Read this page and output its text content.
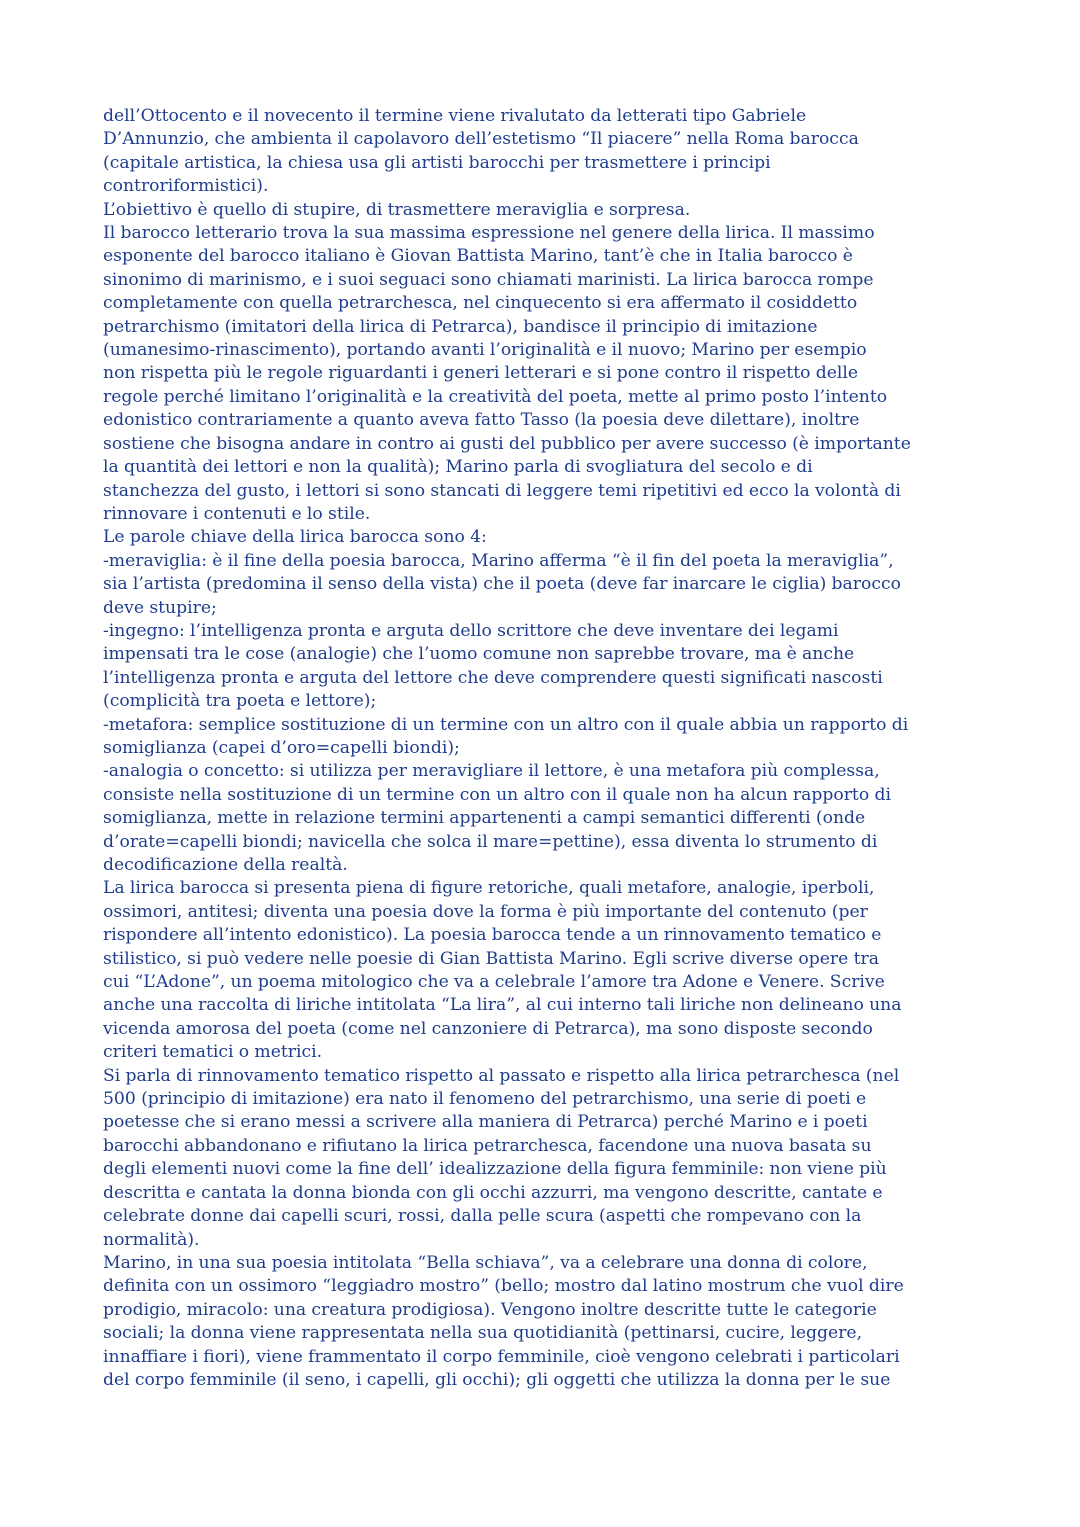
dell’Ottocento e il novecento il termine viene rivalutato da letterati tipo Gabriele

D’Annunzio, che ambienta il capolavoro dell’estetismo “Il piacere” nella Roma barocca

(capitale artistica, la chiesa usa gli artisti barocchi per trasmettere i principi

controriformistici).

L’obiettivo è quello di stupire, di trasmettere meraviglia e sorpresa.

Il barocco letterario trova la sua massima espressione nel genere della lirica. Il massimo

esponente del barocco italiano è Giovan Battista Marino, tant’è che in Italia barocco è

sinonimo di marinismo, e i suoi seguaci sono chiamati marinisti. La lirica barocca rompe

completamente con quella petrarchesca, nel cinquecento si era affermato il cosiddetto

petrarchismo (imitatori della lirica di Petrarca), bandisce il principio di imitazione

(umanesimo-rinascimento), portando avanti l’originalità e il nuovo; Marino per esempio

non rispetta più le regole riguardanti i generi letterari e si pone contro il rispetto delle

regole perché limitano l’originalità e la creatività del poeta, mette al primo posto l’intento

edonistico contrariamente a quanto aveva fatto Tasso (la poesia deve dilettare), inoltre

sostiene che bisogna andare in contro ai gusti del pubblico per avere successo (è importante

la quantità dei lettori e non la qualità); Marino parla di svogliatura del secolo e di

stanchezza del gusto, i lettori si sono stancati di leggere temi ripetitivi ed ecco la volontà di

rinnovare i contenuti e lo stile.

Le parole chiave della lirica barocca sono 4:

-meraviglia: è il fine della poesia barocca, Marino afferma “è il fin del poeta la meraviglia”,

sia l’artista (predomina il senso della vista) che il poeta (deve far inarcare le ciglia) barocco

deve stupire;

-ingegno: l’intelligenza pronta e arguta dello scrittore che deve inventare dei legami

impensati tra le cose (analogie) che l’uomo comune non saprebbe trovare, ma è anche

l’intelligenza pronta e arguta del lettore che deve comprendere questi significati nascosti

(complicità tra poeta e lettore);

-metafora: semplice sostituzione di un termine con un altro con il quale abbia un rapporto di

somiglianza (capei d’oro=capelli biondi);

-analogia o concetto: si utilizza per meravigliare il lettore, è una metafora più complessa,

consiste nella sostituzione di un termine con un altro con il quale non ha alcun rapporto di

somiglianza, mette in relazione termini appartenenti a campi semantici differenti (onde

d’orate=capelli biondi; navicella che solca il mare=pettine), essa diventa lo strumento di

decodificazione della realtà.

La lirica barocca si presenta piena di figure retoriche, quali metafore, analogie, iperboli,

ossimori, antitesi; diventa una poesia dove la forma è più importante del contenuto (per

rispondere all’intento edonistico). La poesia barocca tende a un rinnovamento tematico e

stilistico, si può vedere nelle poesie di Gian Battista Marino. Egli scrive diverse opere tra

cui “L’Adone”, un poema mitologico che va a celebrale l’amore tra Adone e Venere. Scrive

anche una raccolta di liriche intitolata “La lira”, al cui interno tali liriche non delineano una

vicenda amorosa del poeta (come nel canzoniere di Petrarca), ma sono disposte secondo

criteri tematici o metrici.

Si parla di rinnovamento tematico rispetto al passato e rispetto alla lirica petrarchesca (nel

500 (principio di imitazione) era nato il fenomeno del petrarchismo, una serie di poeti e

poetesse che si erano messi a scrivere alla maniera di Petrarca) perché Marino e i poeti

barocchi abbandonano e rifiutano la lirica petrarchesca, facendone una nuova basata su

degli elementi nuovi come la fine dell’ idealizzazione della figura femminile: non viene più

descritta e cantata la donna bionda con gli occhi azzurri, ma vengono descritte, cantate e

celebrate donne dai capelli scuri, rossi, dalla pelle scura (aspetti che rompevano con la

normalità).

Marino, in una sua poesia intitolata “Bella schiava”, va a celebrare una donna di colore,

definita con un ossimoro “leggiadro mostro” (bello; mostro dal latino mostrum che vuol dire

prodigio, miracolo: una creatura prodigiosa). Vengono inoltre descritte tutte le categorie

sociali; la donna viene rappresentata nella sua quotidianità (pettinarsi, cucire, leggere,

innaffiare i fiori), viene frammentato il corpo femminile, cioè vengono celebrati i particolari

del corpo femminile (il seno, i capelli, gli occhi); gli oggetti che utilizza la donna per le sue
